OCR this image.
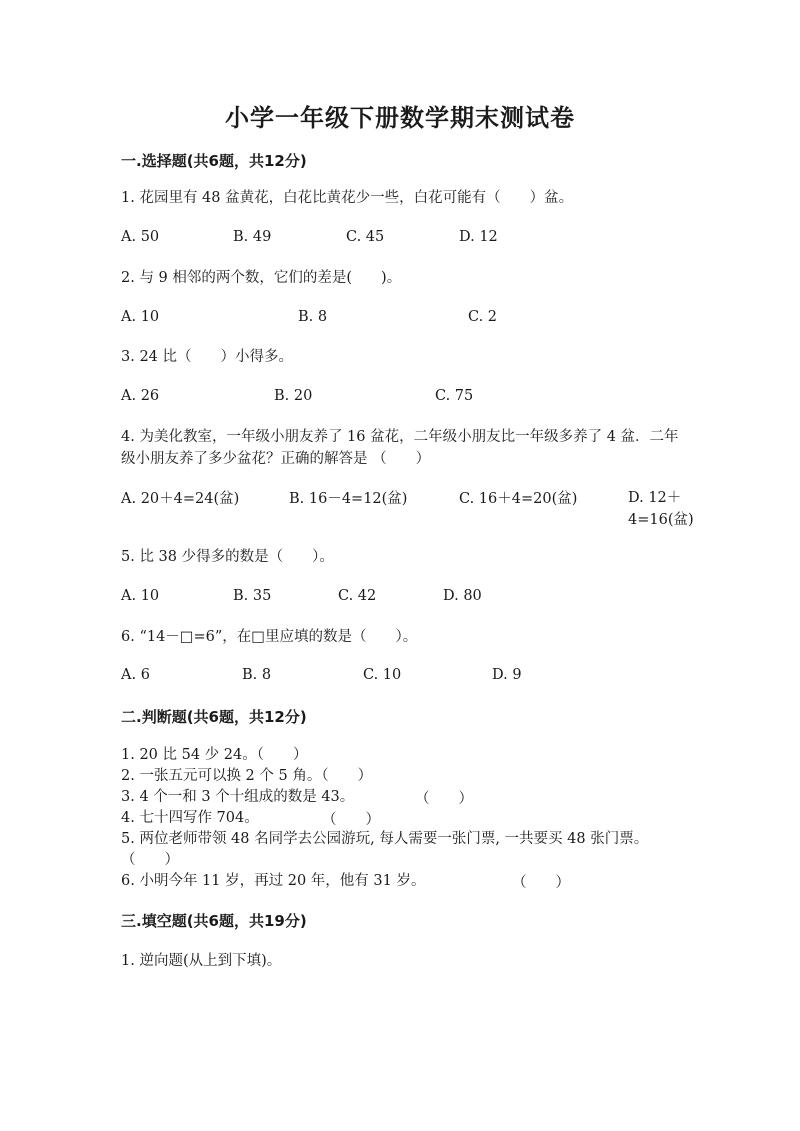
小学一年级下册数学期末测试卷
一.选择题(共6题，共12分)
1. 花园里有 48 盆黄花，白花比黄花少一些，白花可能有（　　）盆。
A. 50	B. 49	C. 45	D. 12
2. 与 9 相邻的两个数，它们的差是(　　)。
A. 10	B. 8	C. 2
3. 24 比（　　）小得多。
A. 26	B. 20	C. 75
4. 为美化教室，一年级小朋友养了 16 盆花，二年级小朋友比一年级多养了 4 盆．二年级小朋友养了多少盆花？正确的解答是 （　　）
A. 20＋4=24(盆)	B. 16－4=12(盆)	C. 16＋4=20(盆)	D. 12＋4=16(盆)
5. 比 38 少得多的数是（　　）。
A. 10	B. 35	C. 42	D. 80
6. “14－□=6”，在□里应填的数是（　　）。
A. 6	B. 8	C. 10	D. 9
二.判断题(共6题，共12分)
1. 20 比 54 少 24。（　　）
2. 一张五元可以换 2 个 5 角。（　　）
3. 4 个一和 3 个十组成的数是 43。	（　　）
4. 七十四写作 704。	（　　）
5. 两位老师带领 48 名同学去公园游玩, 每人需要一张门票, 一共要买 48 张门票。（　　）
6. 小明今年 11 岁，再过 20 年，他有 31 岁。	（　　）
三.填空题(共6题，共19分)
1. 逆向题(从上到下填)。
